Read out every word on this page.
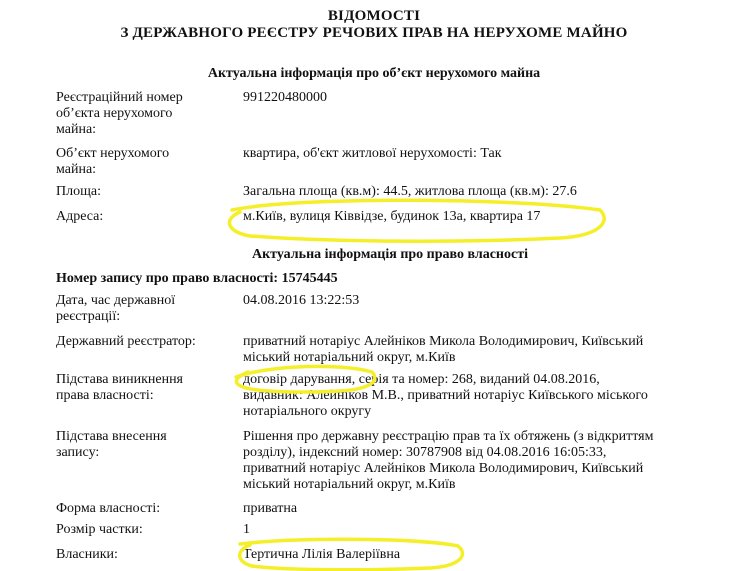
ВІДОМОСТІ
З ДЕРЖАВНОГО РЕЄСТРУ РЕЧОВИХ ПРАВ НА НЕРУХОМЕ МАЙНО
Актуальна інформація про об’єкт нерухомого майна
Реєстраційний номер
об’єкта нерухомого
майна:
991220480000
Об’єкт нерухомого
майна:
квартира, об'єкт житлової нерухомості: Так
Площа:	Загальна площа (кв.м): 44.5, житлова площа (кв.м): 27.6
Адреса:	м.Київ, вулиця Ківвідзе, будинок 13а, квартира 17
Актуальна інформація про право власності
Номер запису про право власності: 15745445
Дата, час державної
реєстрації:
04.08.2016 13:22:53
Державний реєстратор:	приватний нотаріус Алейніков Микола Володимирович, Київський
міський нотаріальний округ, м.Київ
Підстава виникнення
права власності:
договір дарування, серія та номер: 268, виданий 04.08.2016,
видавник: Алейніков М.В., приватний нотаріус Київського міського
нотаріального округу
Підстава внесення
запису:
Рішення про державну реєстрацію прав та їх обтяжень (з відкриттям
розділу), індексний номер: 30787908 від 04.08.2016 16:05:33,
приватний нотаріус Алейніков Микола Володимирович, Київський
міський нотаріальний округ, м.Київ
Форма власності:	приватна
Розмір частки:	1
Власники:	Тертична Лілія Валеріївна
